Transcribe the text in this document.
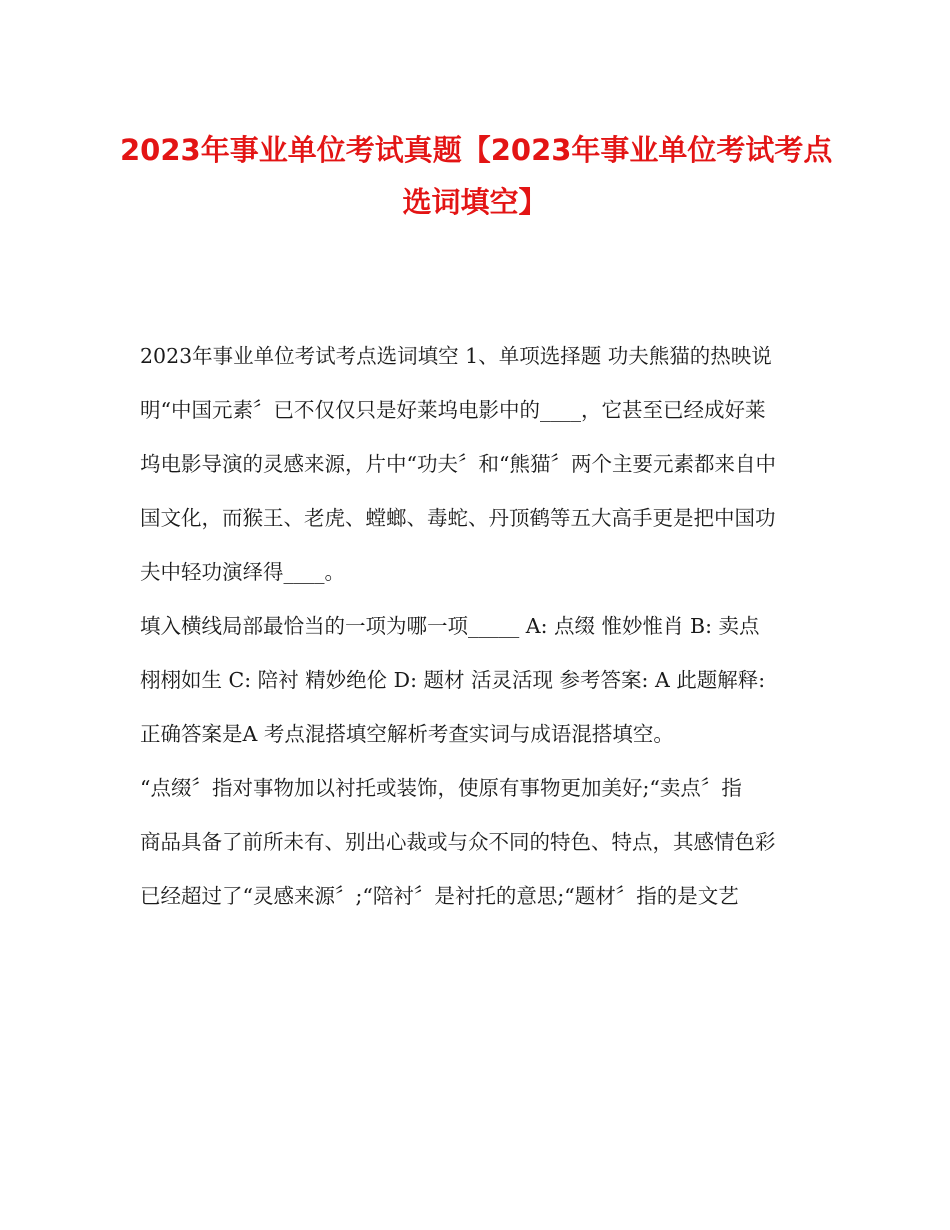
2023年事业单位考试真题【2023年事业单位考试考点
选词填空】
2023年事业单位考试考点选词填空 1、单项选择题 功夫熊猫的热映说
明“中国元素〞已不仅仅只是好莱坞电影中的____，它甚至已经成好莱
坞电影导演的灵感来源，片中“功夫〞和“熊猫〞两个主要元素都来自中
国文化，而猴王、老虎、螳螂、毒蛇、丹顶鹤等五大高手更是把中国功
夫中轻功演绎得____。
填入横线局部最恰当的一项为哪一项_____ A: 点缀 惟妙惟肖 B: 卖点
栩栩如生 C: 陪衬 精妙绝伦 D: 题材 活灵活现 参考答案: A 此题解释:
正确答案是A 考点混搭填空解析考查实词与成语混搭填空。
“点缀〞指对事物加以衬托或装饰，使原有事物更加美好;“卖点〞指
商品具备了前所未有、别出心裁或与众不同的特色、特点，其感情色彩
已经超过了“灵感来源〞;“陪衬〞是衬托的意思;“题材〞指的是文艺
